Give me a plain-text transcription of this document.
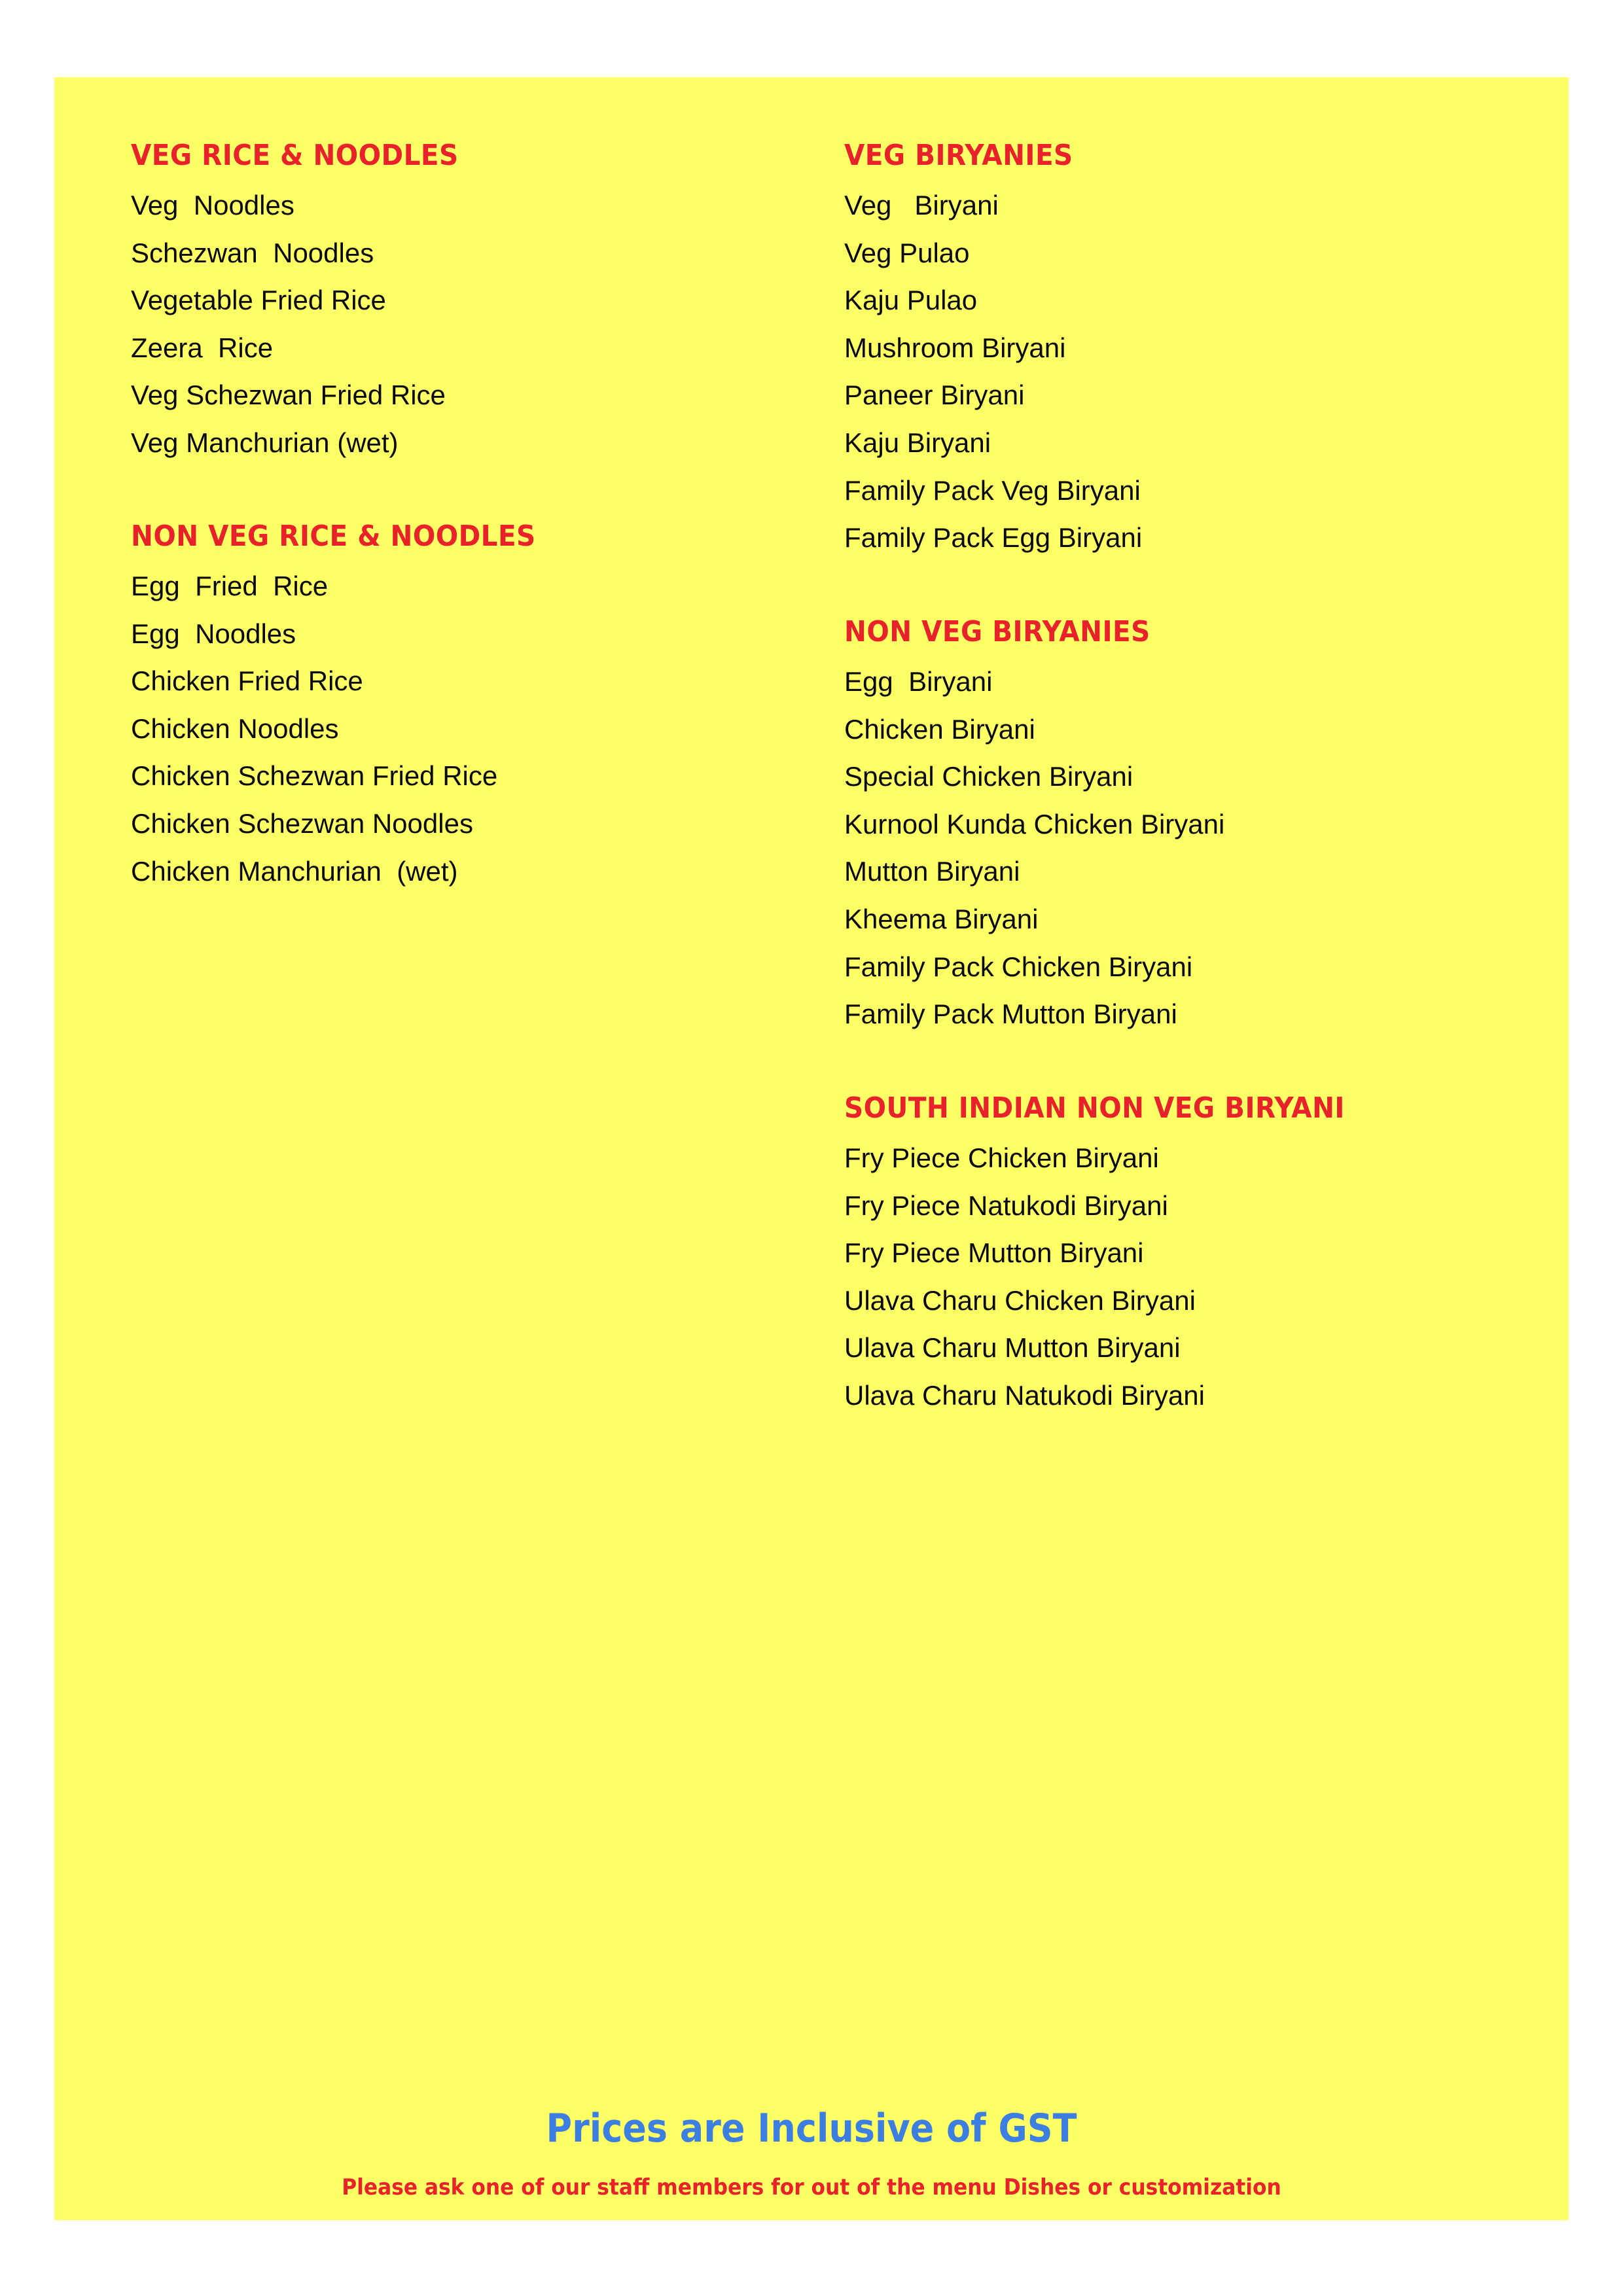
VEG RICE & NOODLES
Veg  Noodles
Schezwan  Noodles
Vegetable Fried Rice
Zeera  Rice
Veg Schezwan Fried Rice
Veg Manchurian (wet)
NON VEG RICE & NOODLES
Egg  Fried  Rice
Egg  Noodles
Chicken Fried Rice
Chicken Noodles
Chicken Schezwan Fried Rice
Chicken Schezwan Noodles
Chicken Manchurian  (wet)
VEG BIRYANIES
Veg   Biryani
Veg Pulao
Kaju Pulao
Mushroom Biryani
Paneer Biryani
Kaju Biryani
Family Pack Veg Biryani
Family Pack Egg Biryani
NON VEG BIRYANIES
Egg  Biryani
Chicken Biryani
Special Chicken Biryani
Kurnool Kunda Chicken Biryani
Mutton Biryani
Kheema Biryani
Family Pack Chicken Biryani
Family Pack Mutton Biryani
SOUTH INDIAN NON VEG BIRYANI
Fry Piece Chicken Biryani
Fry Piece Natukodi Biryani
Fry Piece Mutton Biryani
Ulava Charu Chicken Biryani
Ulava Charu Mutton Biryani
Ulava Charu Natukodi Biryani
Prices are Inclusive of GST
Please ask one of our staff members for out of the menu Dishes or customization
